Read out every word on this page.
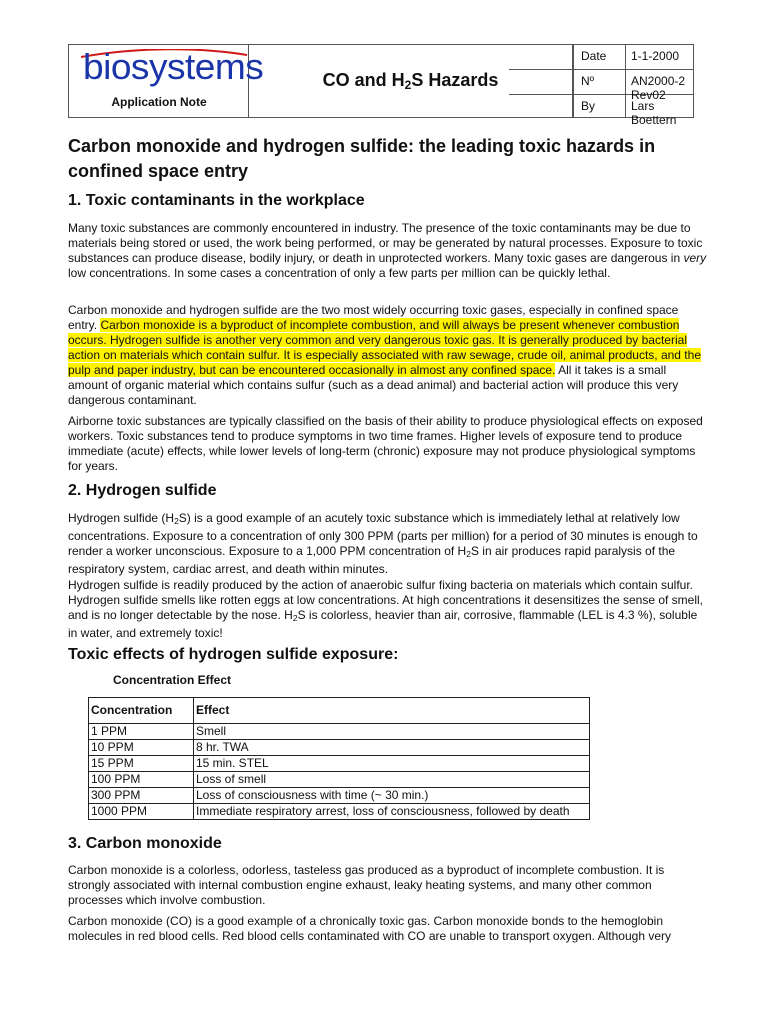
biosystems
Application Note
CO and $H_2S$ Hazards
Date 1-1-2000
Nº	AN2000-2 Rev02
By	Lars Boettern
Carbon monoxide and hydrogen sulfide: the leading toxic hazards in confined space entry
1. Toxic contaminants in the workplace

Many toxic substances are commonly encountered in industry. The presence of the toxic contaminants may be due to materials being stored or used, the work being performed, or may be generated by natural processes. Exposure to toxic substances can produce disease, bodily injury, or death in unprotected workers. Many toxic gases are dangerous in very low concentrations. In some cases a concentration of only a few parts per million can be quickly lethal.

Carbon monoxide and hydrogen sulfide are the two most widely occurring toxic gases, especially in confined space entry. Carbon monoxide is a byproduct of incomplete combustion, and will always be present whenever combustion occurs. Hydrogen sulfide is another very common and very dangerous toxic gas. It is generally produced by bacterial action on materials which contain sulfur. It is especially associated with raw sewage, crude oil, animal products, and the pulp and paper industry, but can be encountered occasionally in almost any confined space. All it takes is a small amount of organic material which contains sulfur (such as a dead animal) and bacterial action will produce this very dangerous contaminant.

Airborne toxic substances are typically classified on the basis of their ability to produce physiological effects on exposed workers. Toxic substances tend to produce symptoms in two time frames. Higher levels of exposure tend to produce immediate (acute) effects, while lower levels of long-term (chronic) exposure may not produce physiological symptoms for years.

2. Hydrogen sulfide

Hydrogen sulfide $(H_2S)$ is a good example of an acutely toxic substance which is immediately lethal at relatively low concentrations. Exposure to a concentration of only 300 PPM (parts per million) for a period of 30 minutes is enough to render a worker unconscious. Exposure to a 1,000 PPM concentration of $H_2S$ in air produces rapid paralysis of the respiratory system, cardiac arrest, and death within minutes.

Hydrogen sulfide is readily produced by the action of anaerobic sulfur fixing bacteria on materials which contain sulfur. Hydrogen sulfide smells like rotten eggs at low concentrations. At high concentrations it desensitizes the sense of smell, and is no longer detectable by the nose. $H_2S$ is colorless, heavier than air, corrosive, flammable (LEL is 4.3 %), soluble in water, and extremely toxic!

Toxic effects of hydrogen sulfide exposure:
Concentration Effect
Concentration	Effect
1 PPM	Smell
10 PPM	8 hr. TWA
15 PPM	15 min. STEL
100 PPM	Loss of smell
300 PPM	Loss of consciousness with time (~ 30 min.)
1000 PPM	Immediate respiratory arrest, loss of consciousness, followed by death
3. Carbon monoxide

Carbon monoxide is a colorless, odorless, tasteless gas produced as a byproduct of incomplete combustion. It is strongly associated with internal combustion engine exhaust, leaky heating systems, and many other common processes which involve combustion.

Carbon monoxide (CO) is a good example of a chronically toxic gas. Carbon monoxide bonds to the hemoglobin molecules in red blood cells. Red blood cells contaminated with CO are unable to transport oxygen. Although very
